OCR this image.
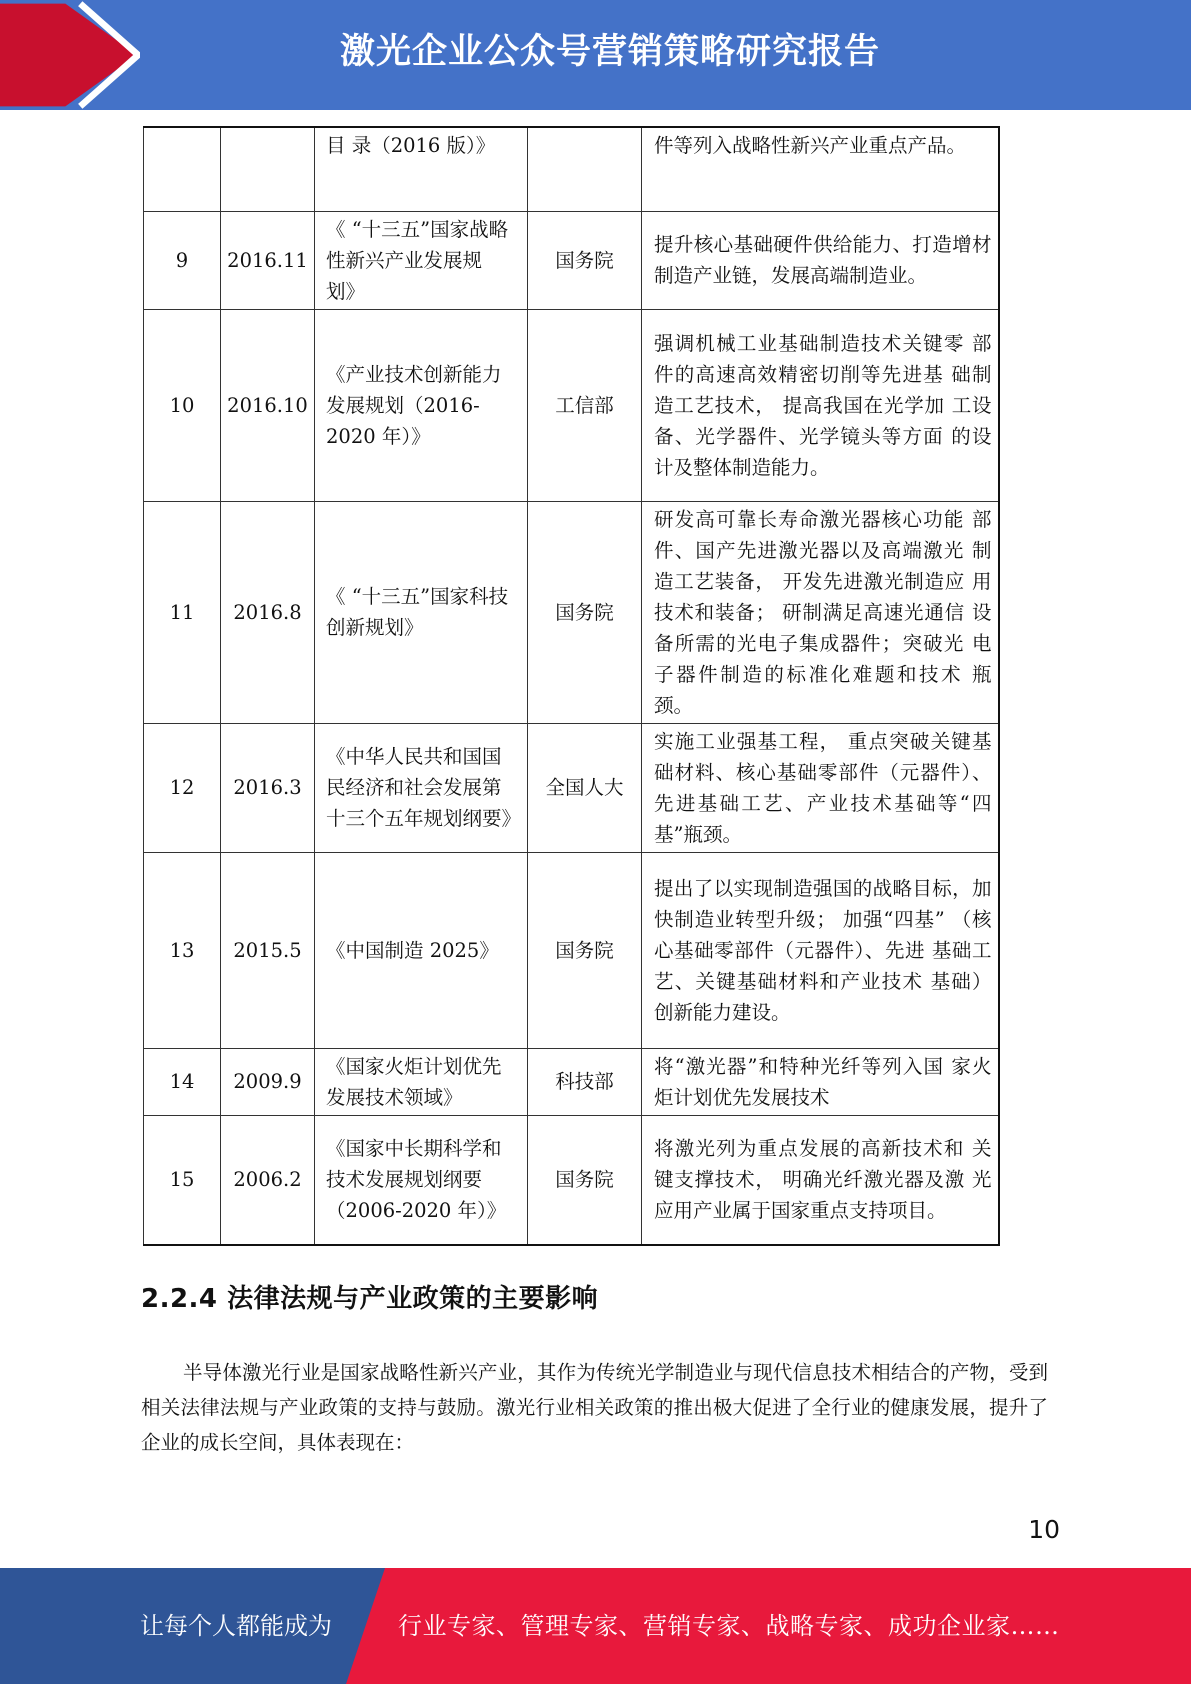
激光企业公众号营销策略研究报告
		目 录（2016 版）》		件等列入战略性新兴产业重点产品。
9	2016.11	《 “十三五”国家战略性新兴产业发展规 划》	国务院	提升核心基础硬件供给能力、打造增材制造产业链，发展高端制造业。
10	2016.10	《产业技术创新能力发展规划（2016-2020 年）》	工信部	强调机械工业基础制造技术关键零 部件的高速高效精密切削等先进基 础制造工艺技术， 提高我国在光学加 工设备、光学器件、光学镜头等方面 的设计及整体制造能力。
11	2016.8	《 “十三五”国家科技创新规划》	国务院	研发高可靠长寿命激光器核心功能 部件、国产先进激光器以及高端激光 制造工艺装备， 开发先进激光制造应 用技术和装备； 研制满足高速光通信 设备所需的光电子集成器件；突破光 电子器件制造的标准化难题和技术 瓶颈。
12	2016.3	《中华人民共和国国民经济和社会发展第 十三个五年规划纲要》	全国人大	实施工业强基工程， 重点突破关键基础材料、核心基础零部件（元器件）、先进基础工艺、产业技术基础等“四基”瓶颈。
13	2015.5	《中国制造 2025》	国务院	提出了以实现制造强国的战略目标，加快制造业转型升级； 加强“四基” （核心基础零部件（元器件）、先进 基础工艺、关键基础材料和产业技术 基础）创新能力建设。
14	2009.9	《国家火炬计划优先 发展技术领域》	科技部	将“激光器”和特种光纤等列入国 家火炬计划优先发展技术
15	2006.2	《国家中长期科学和技术发展规划纲要（2006-2020 年）》	国务院	将激光列为重点发展的高新技术和 关键支撑技术， 明确光纤激光器及激 光应用产业属于国家重点支持项目。
2.2.4 法律法规与产业政策的主要影响

半导体激光行业是国家战略性新兴产业，其作为传统光学制造业与现代信息技术相结合的产物，受到相关法律法规与产业政策的支持与鼓励。激光行业相关政策的推出极大促进了全行业的健康发展，提升了企业的成长空间，具体表现在：

10
让每个人都能成为	行业专家、管理专家、营销专家、战略专家、成功企业家……
